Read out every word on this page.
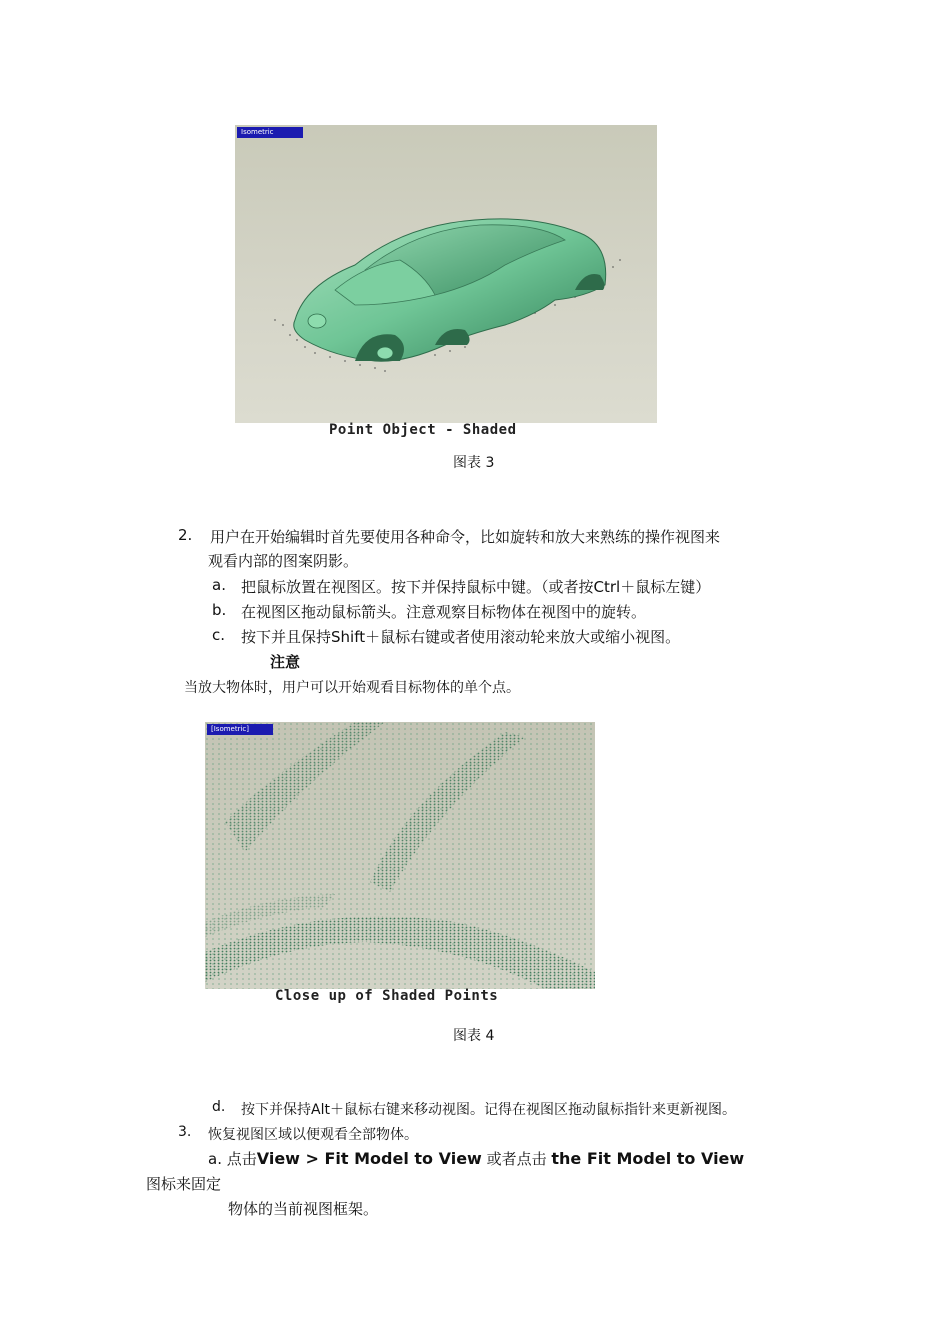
Isometric
Point Object - Shaded
图表 3
2. 用户在开始编辑时首先要使用各种命令，比如旋转和放大来熟练的操作视图来
观看内部的图案阴影。
a. 把鼠标放置在视图区。按下并保持鼠标中键。（或者按Ctrl＋鼠标左键）
b. 在视图区拖动鼠标箭头。注意观察目标物体在视图中的旋转。
c. 按下并且保持Shift＋鼠标右键或者使用滚动轮来放大或缩小视图。
注意
当放大物体时，用户可以开始观看目标物体的单个点。
[Isometric]
Close up of Shaded Points
图表 4
d. 按下并保持Alt＋鼠标右键来移动视图。记得在视图区拖动鼠标指针来更新视图。
3. 恢复视图区域以便观看全部物体。
a. 点击View > Fit Model to View 或者点击 the Fit Model to View
图标来固定
物体的当前视图框架。
